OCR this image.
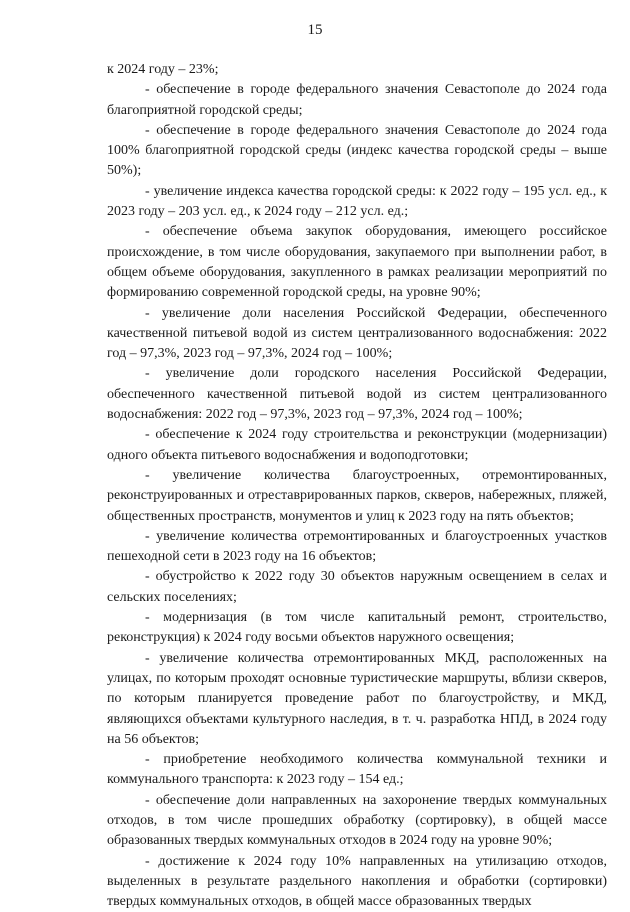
15

к 2024 году – 23%;

- обеспечение в городе федерального значения Севастополе до 2024 года благоприятной городской среды;

- обеспечение в городе федерального значения Севастополе до 2024 года 100% благоприятной городской среды (индекс качества городской среды – выше 50%);

- увеличение индекса качества городской среды: к 2022 году – 195 усл. ед., к 2023 году – 203 усл. ед., к 2024 году – 212 усл. ед.;

- обеспечение объема закупок оборудования, имеющего российское происхождение, в том числе оборудования, закупаемого при выполнении работ, в общем объеме оборудования, закупленного в рамках реализации мероприятий по формированию современной городской среды, на уровне 90%;

- увеличение доли населения Российской Федерации, обеспеченного качественной питьевой водой из систем централизованного водоснабжения: 2022 год – 97,3%, 2023 год – 97,3%, 2024 год – 100%;

- увеличение доли городского населения Российской Федерации, обеспеченного качественной питьевой водой из систем централизованного водоснабжения: 2022 год – 97,3%, 2023 год – 97,3%, 2024 год – 100%;

- обеспечение к 2024 году строительства и реконструкции (модернизации) одного объекта питьевого водоснабжения и водоподготовки;

- увеличение количества благоустроенных, отремонтированных, реконструированных и отреставрированных парков, скверов, набережных, пляжей, общественных пространств, монументов и улиц к 2023 году на пять объектов;

- увеличение количества отремонтированных и благоустроенных участков пешеходной сети в 2023 году на 16 объектов;

- обустройство к 2022 году 30 объектов наружным освещением в селах и сельских поселениях;

- модернизация (в том числе капитальный ремонт, строительство, реконструкция) к 2024 году восьми объектов наружного освещения;

- увеличение количества отремонтированных МКД, расположенных на улицах, по которым проходят основные туристические маршруты, вблизи скверов, по которым планируется проведение работ по благоустройству, и МКД, являющихся объектами культурного наследия, в т. ч. разработка НПД, в 2024 году на 56 объектов;

- приобретение необходимого количества коммунальной техники и коммунального транспорта: к 2023 году – 154 ед.;

- обеспечение доли направленных на захоронение твердых коммунальных отходов, в том числе прошедших обработку (сортировку), в общей массе образованных твердых коммунальных отходов в 2024 году на уровне 90%;

- достижение к 2024 году 10% направленных на утилизацию отходов, выделенных в результате раздельного накопления и обработки (сортировки) твердых коммунальных отходов, в общей массе образованных твердых
